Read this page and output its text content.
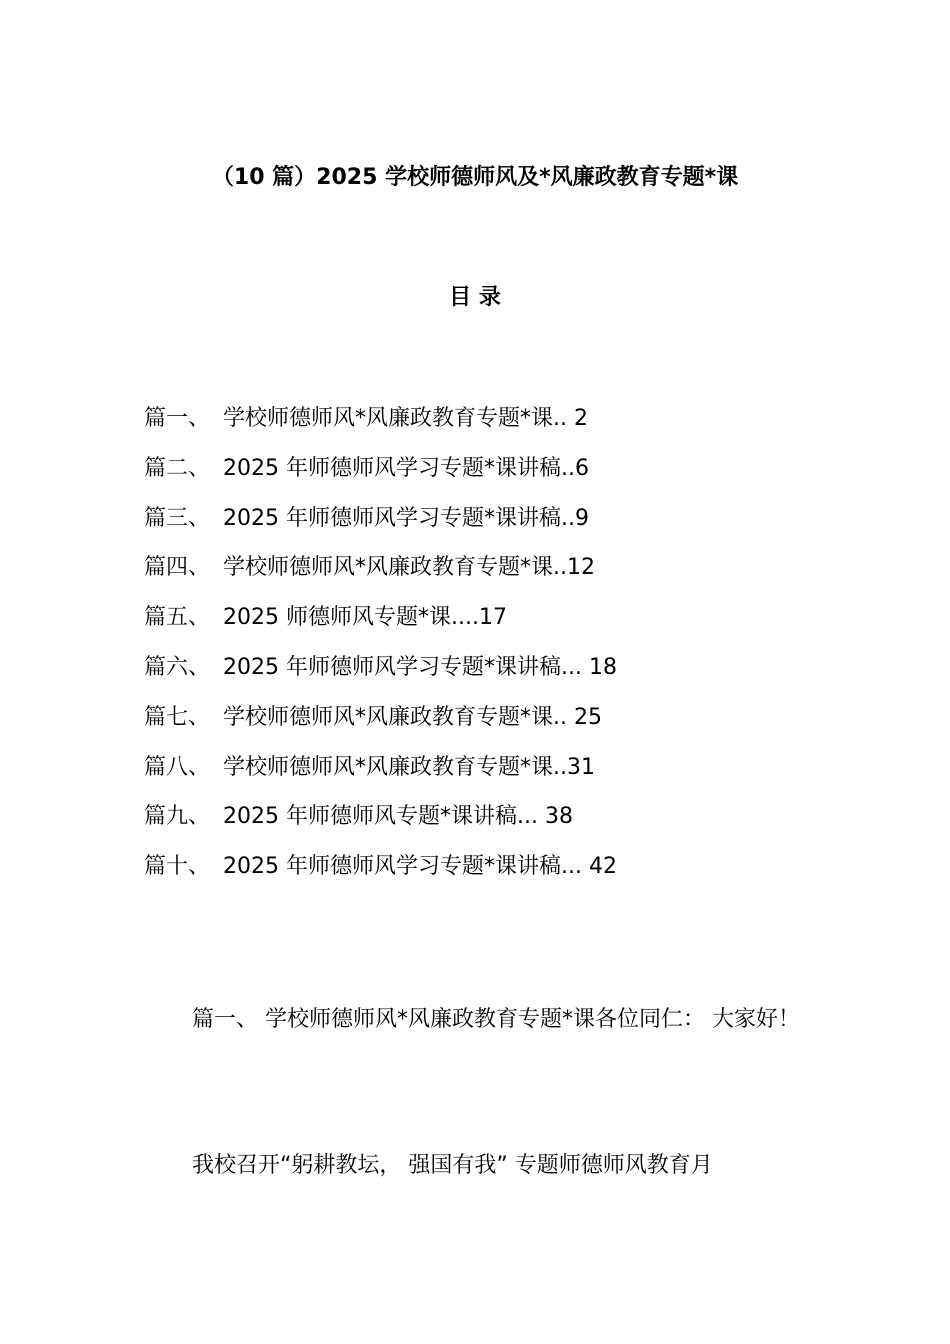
（10 篇）2025 学校师德师风及*风廉政教育专题*课
目 录
篇一、 学校师德师风*风廉政教育专题*课.. 2
篇二、 2025 年师德师风学习专题*课讲稿..6
篇三、 2025 年师德师风学习专题*课讲稿..9
篇四、 学校师德师风*风廉政教育专题*课..12
篇五、 2025 师德师风专题*课....17
篇六、 2025 年师德师风学习专题*课讲稿... 18
篇七、 学校师德师风*风廉政教育专题*课.. 25
篇八、 学校师德师风*风廉政教育专题*课..31
篇九、 2025 年师德师风专题*课讲稿... 38
篇十、 2025 年师德师风学习专题*课讲稿... 42

篇一、 学校师德师风*风廉政教育专题*课各位同仁： 大家好！

我校召开“躬耕教坛， 强国有我” 专题师德师风教育月
